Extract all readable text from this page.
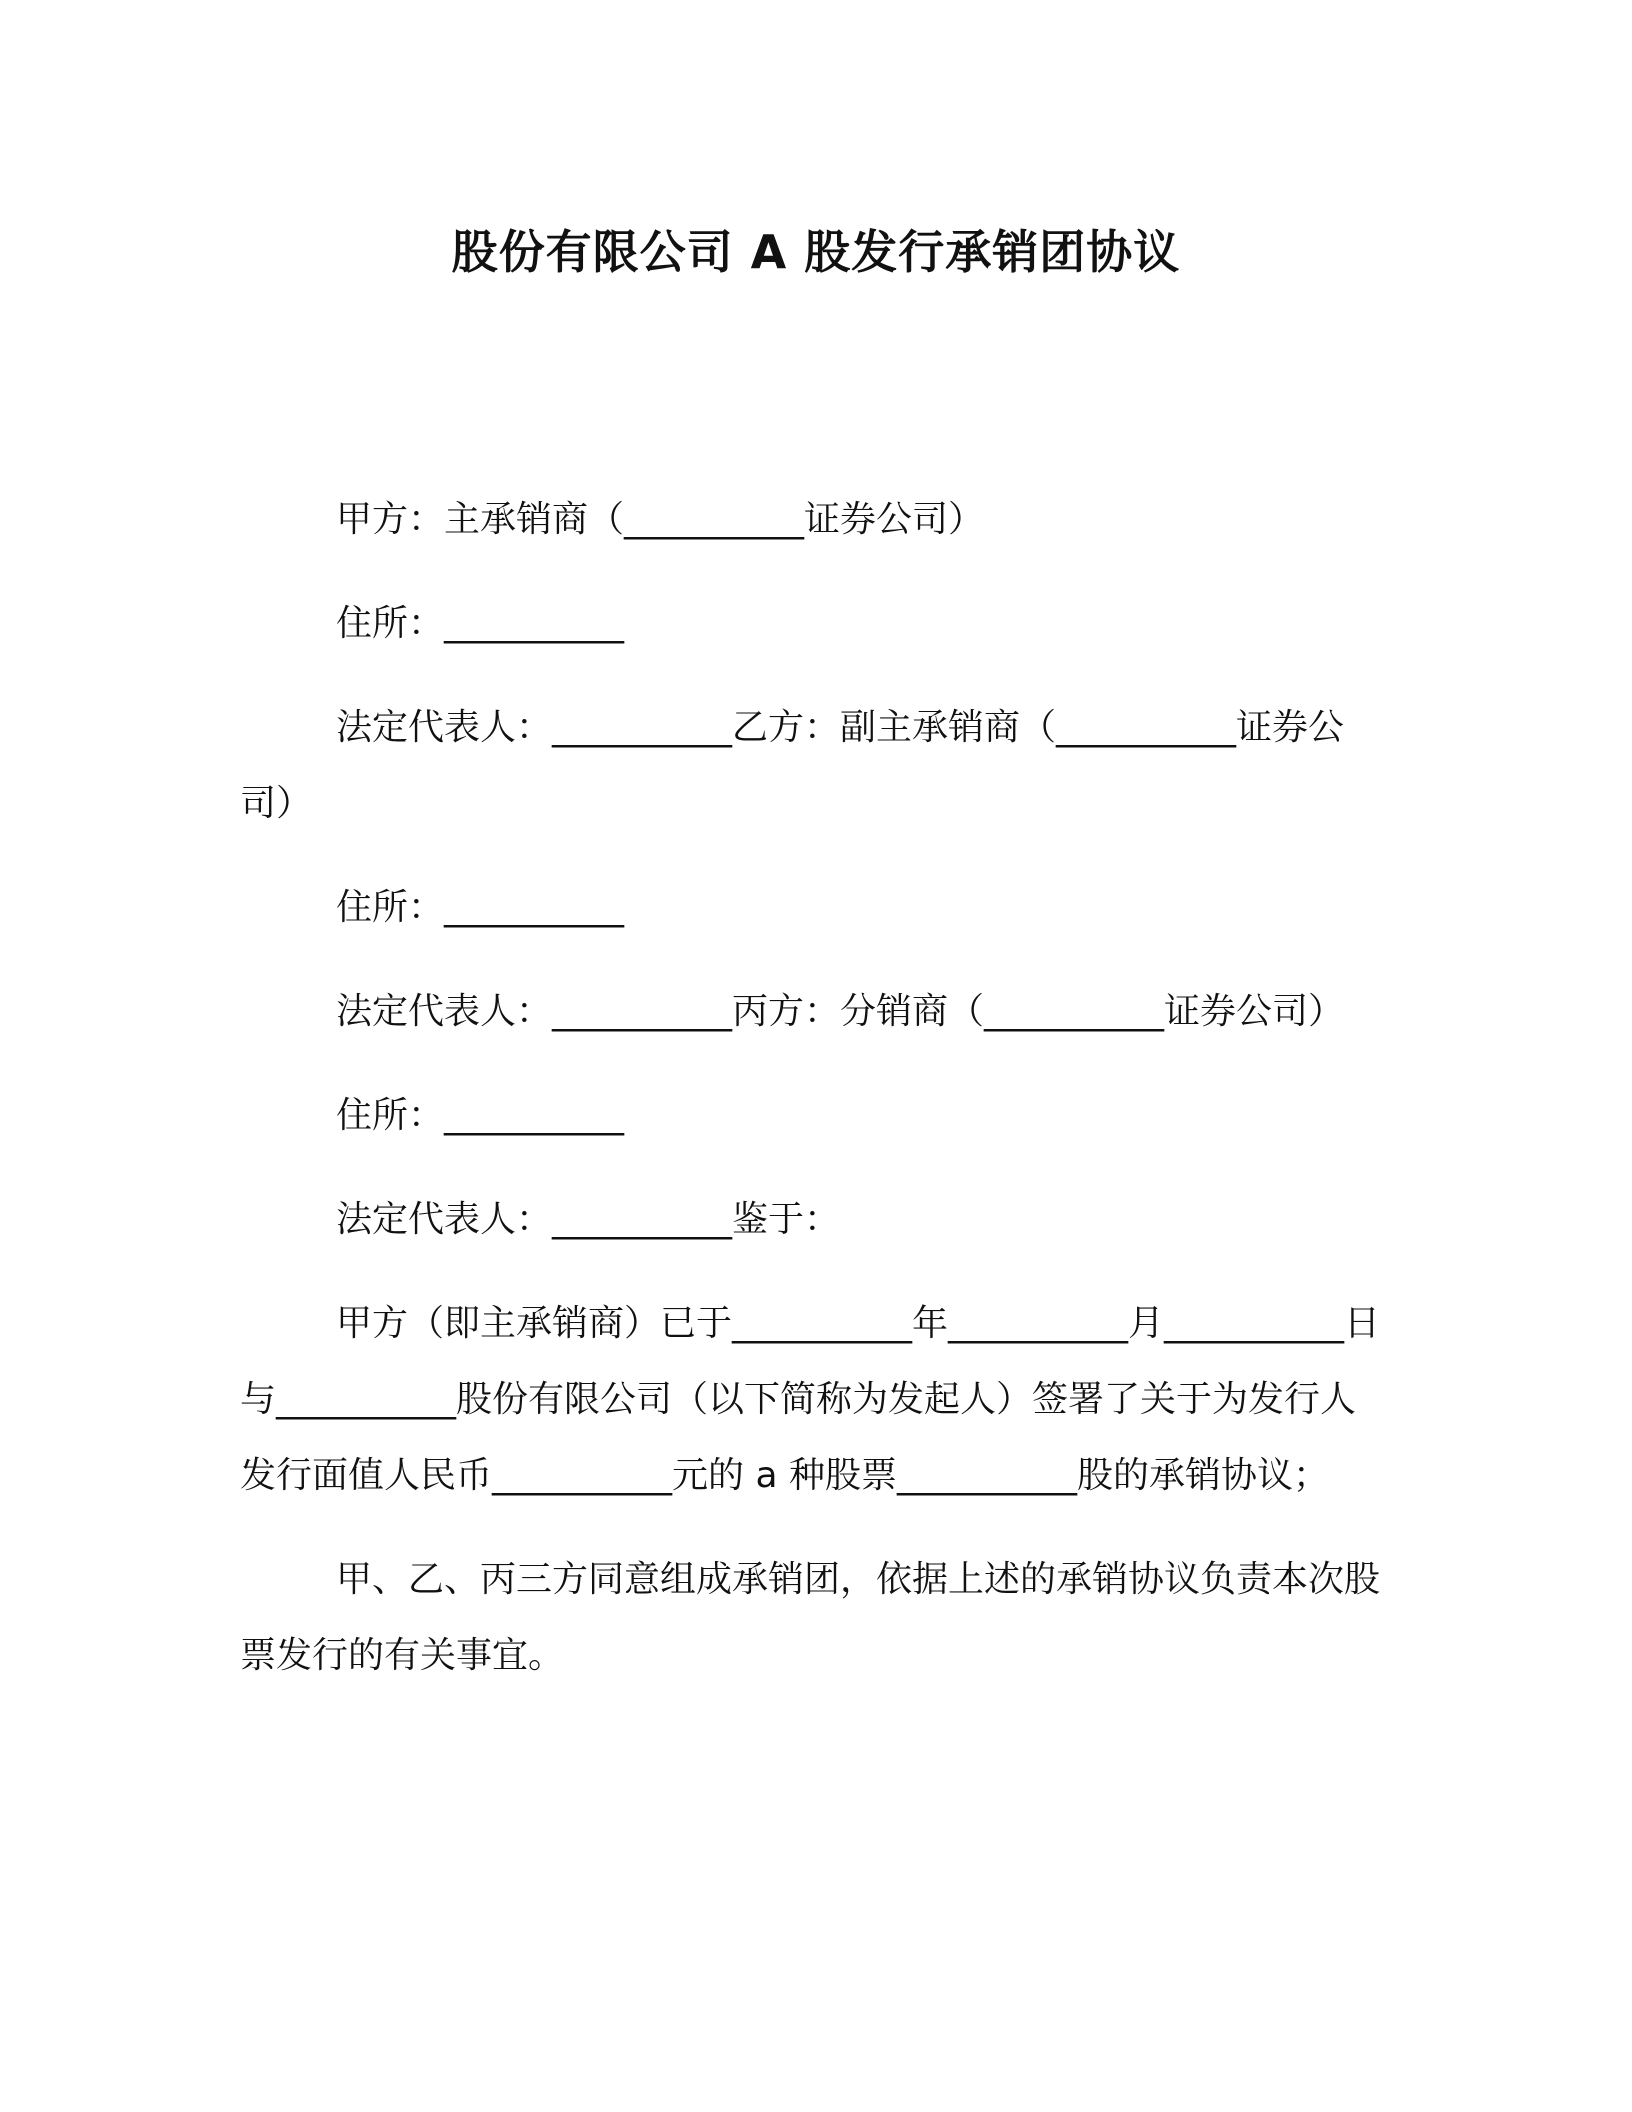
股份有限公司 A 股发行承销团协议

甲方：主承销商（__________证券公司）

住所：__________

法定代表人：__________乙方：副主承销商（__________证券公司）

住所：__________

法定代表人：__________丙方：分销商（__________证券公司）

住所：__________

法定代表人：__________鉴于：

甲方（即主承销商）已于__________年__________月__________日与__________股份有限公司（以下简称为发起人）签署了关于为发行人发行面值人民币__________元的 a 种股票__________股的承销协议；

甲、乙、丙三方同意组成承销团，依据上述的承销协议负责本次股票发行的有关事宜。
